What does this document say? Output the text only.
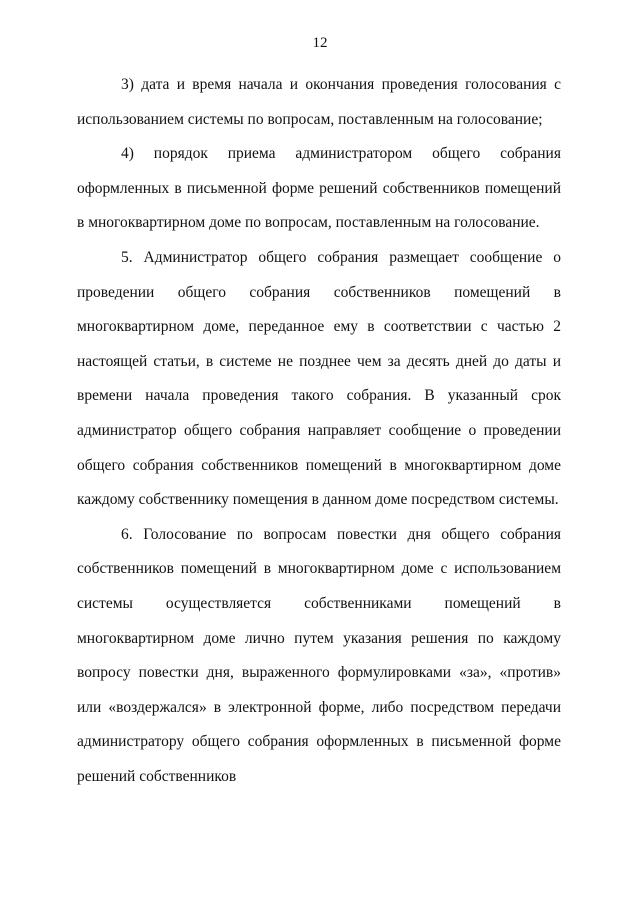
12

3) дата и время начала и окончания проведения голосования с использованием системы по вопросам, поставленным на голосование;

4) порядок приема администратором общего собрания оформленных в письменной форме решений собственников помещений в многоквартирном доме по вопросам, поставленным на голосование.

5. Администратор общего собрания размещает сообщение о проведении общего собрания собственников помещений в многоквартирном доме, переданное ему в соответствии с частью 2 настоящей статьи, в системе не позднее чем за десять дней до даты и времени начала проведения такого собрания. В указанный срок администратор общего собрания направляет сообщение о проведении общего собрания собственников помещений в многоквартирном доме каждому собственнику помещения в данном доме посредством системы.

6. Голосование по вопросам повестки дня общего собрания собственников помещений в многоквартирном доме с использованием системы осуществляется собственниками помещений в многоквартирном доме лично путем указания решения по каждому вопросу повестки дня, выраженного формулировками «за», «против» или «воздержался» в электронной форме, либо посредством передачи администратору общего собрания оформленных в письменной форме решений собственников
